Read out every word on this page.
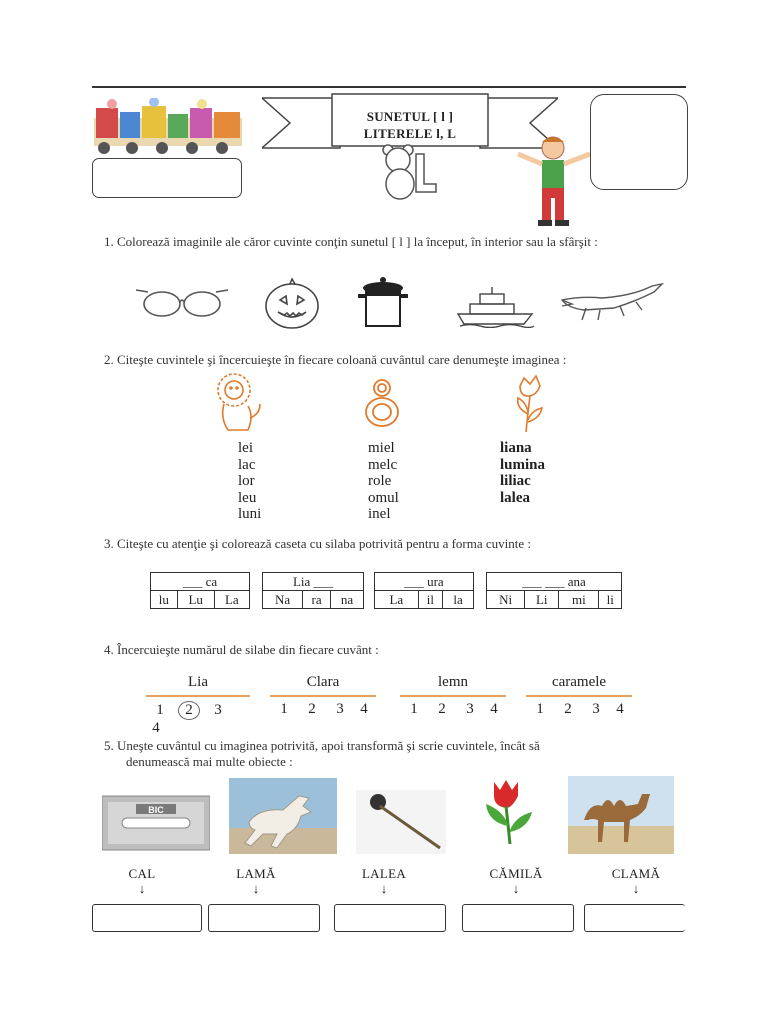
SUNETUL [ l ]
LITERELE l, L
1. Colorează imaginile ale căror cuvinte conţin sunetul [ l ] la început, în interior sau la sfârşit :
2. Citeşte cuvintele şi încercuieşte în fiecare coloană cuvântul care denumeşte imaginea :
lei
lac
lor
leu
luni
miel
melc
role
omul
inel
liana
lumina
liliac
lalea
3. Citeşte cu atenţie şi colorează caseta cu silaba potrivită pentru a forma cuvinte :
___ ca
lu	Lu	La
Lia ___
Na	ra	na
___ ura
La	il	la
___ ___ ana
Ni	Li	mi	li
4. Încercuieşte numărul de silabe din fiecare cuvânt :
Lia
1 2 34
Clara
1 2 3 4
lemn
1 2 3 4
caramele
1 2 3 4
5. Uneşte cuvântul cu imaginea potrivită, apoi transformă şi scrie cuvintele, încât să
denumească mai multe obiecte :
BIC
CAL	LAMĂ	LALEA	CĂMILĂ	CLAMĂ
↓	↓	↓	↓	↓
